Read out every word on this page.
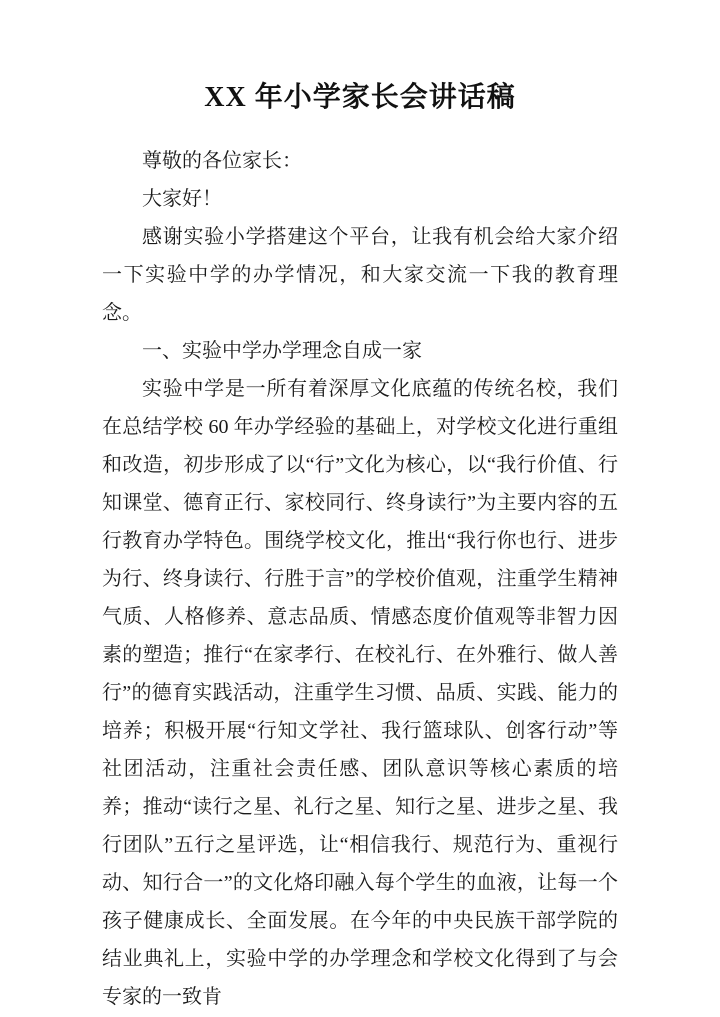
XX 年小学家长会讲话稿

尊敬的各位家长：

大家好！

感谢实验小学搭建这个平台，让我有机会给大家介绍一下实验中学的办学情况，和大家交流一下我的教育理念。

一、实验中学办学理念自成一家

实验中学是一所有着深厚文化底蕴的传统名校，我们在总结学校 60 年办学经验的基础上，对学校文化进行重组和改造，初步形成了以“行”文化为核心，以“我行价值、行知课堂、德育正行、家校同行、终身读行”为主要内容的五行教育办学特色。围绕学校文化，推出“我行你也行、进步为行、终身读行、行胜于言”的学校价值观，注重学生精神气质、人格修养、意志品质、情感态度价值观等非智力因素的塑造；推行“在家孝行、在校礼行、在外雅行、做人善行”的德育实践活动，注重学生习惯、品质、实践、能力的培养；积极开展“行知文学社、我行篮球队、创客行动”等社团活动，注重社会责任感、团队意识等核心素质的培养；推动“读行之星、礼行之星、知行之星、进步之星、我行团队”五行之星评选，让“相信我行、规范行为、重视行动、知行合一”的文化烙印融入每个学生的血液，让每一个孩子健康成长、全面发展。在今年的中央民族干部学院的结业典礼上，实验中学的办学理念和学校文化得到了与会专家的一致肯
